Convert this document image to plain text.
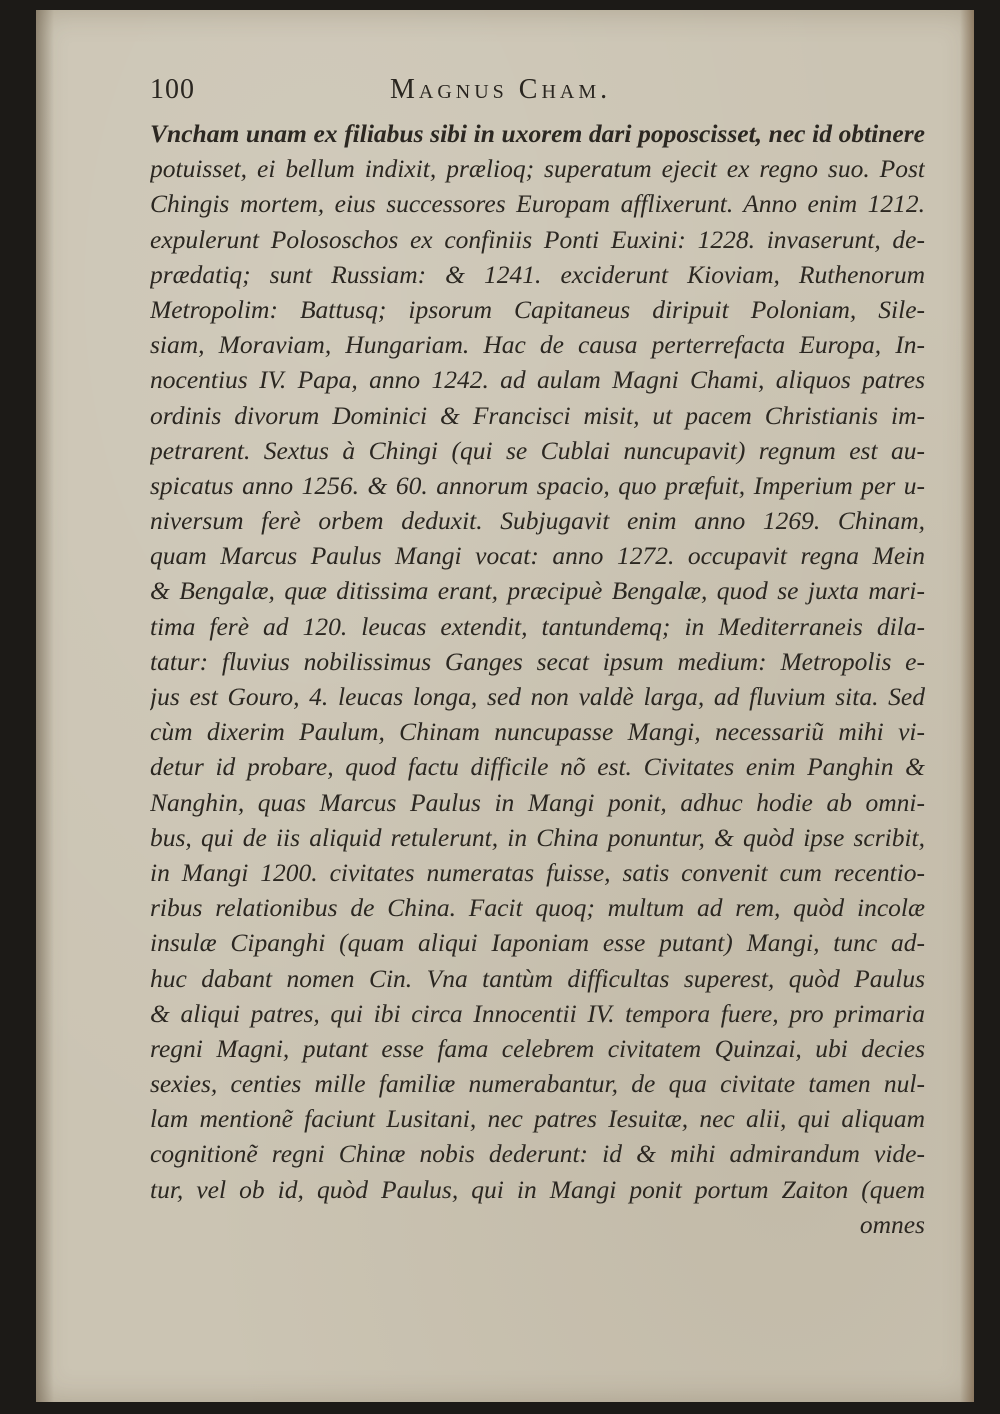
100	Magnus Cham.
Vncham unam ex filiabus sibi in uxorem dari poposcisset, nec id obtinere
potuisset, ei bellum indixit, prælioq; superatum ejecit ex regno suo. Post
Chingis mortem, eius successores Europam afflixerunt. Anno enim 1212.
expulerunt Polososchos ex confiniis Ponti Euxini: 1228. invaserunt, de-
prædatiq; sunt Russiam: & 1241. exciderunt Kioviam, Ruthenorum
Metropolim: Battusq; ipsorum Capitaneus diripuit Poloniam, Sile-
siam, Moraviam, Hungariam. Hac de causa perterrefacta Europa, In-
nocentius IV. Papa, anno 1242. ad aulam Magni Chami, aliquos patres
ordinis divorum Dominici & Francisci misit, ut pacem Christianis im-
petrarent. Sextus à Chingi (qui se Cublai nuncupavit) regnum est au-
spicatus anno 1256. & 60. annorum spacio, quo præfuit, Imperium per u-
niversum ferè orbem deduxit. Subjugavit enim anno 1269. Chinam,
quam Marcus Paulus Mangi vocat: anno 1272. occupavit regna Mein
& Bengalæ, quæ ditissima erant, præcipuè Bengalæ, quod se juxta mari-
tima ferè ad 120. leucas extendit, tantundemq; in Mediterraneis dila-
tatur: fluvius nobilissimus Ganges secat ipsum medium: Metropolis e-
jus est Gouro, 4. leucas longa, sed non valdè larga, ad fluvium sita. Sed
cùm dixerim Paulum, Chinam nuncupasse Mangi, necessariũ mihi vi-
detur id probare, quod factu difficile nõ est. Civitates enim Panghin &
Nanghin, quas Marcus Paulus in Mangi ponit, adhuc hodie ab omni-
bus, qui de iis aliquid retulerunt, in China ponuntur, & quòd ipse scribit,
in Mangi 1200. civitates numeratas fuisse, satis convenit cum recentio-
ribus relationibus de China. Facit quoq; multum ad rem, quòd incolæ
insulæ Cipanghi (quam aliqui Iaponiam esse putant) Mangi, tunc ad-
huc dabant nomen Cin. Vna tantùm difficultas superest, quòd Paulus
& aliqui patres, qui ibi circa Innocentii IV. tempora fuere, pro primaria
regni Magni, putant esse fama celebrem civitatem Quinzai, ubi decies
sexies, centies mille familiæ numerabantur, de qua civitate tamen nul-
lam mentionẽ faciunt Lusitani, nec patres Iesuitæ, nec alii, qui aliquam
cognitionẽ regni Chinæ nobis dederunt: id & mihi admirandum vide-
tur, vel ob id, quòd Paulus, qui in Mangi ponit portum Zaiton (quem
omnes
